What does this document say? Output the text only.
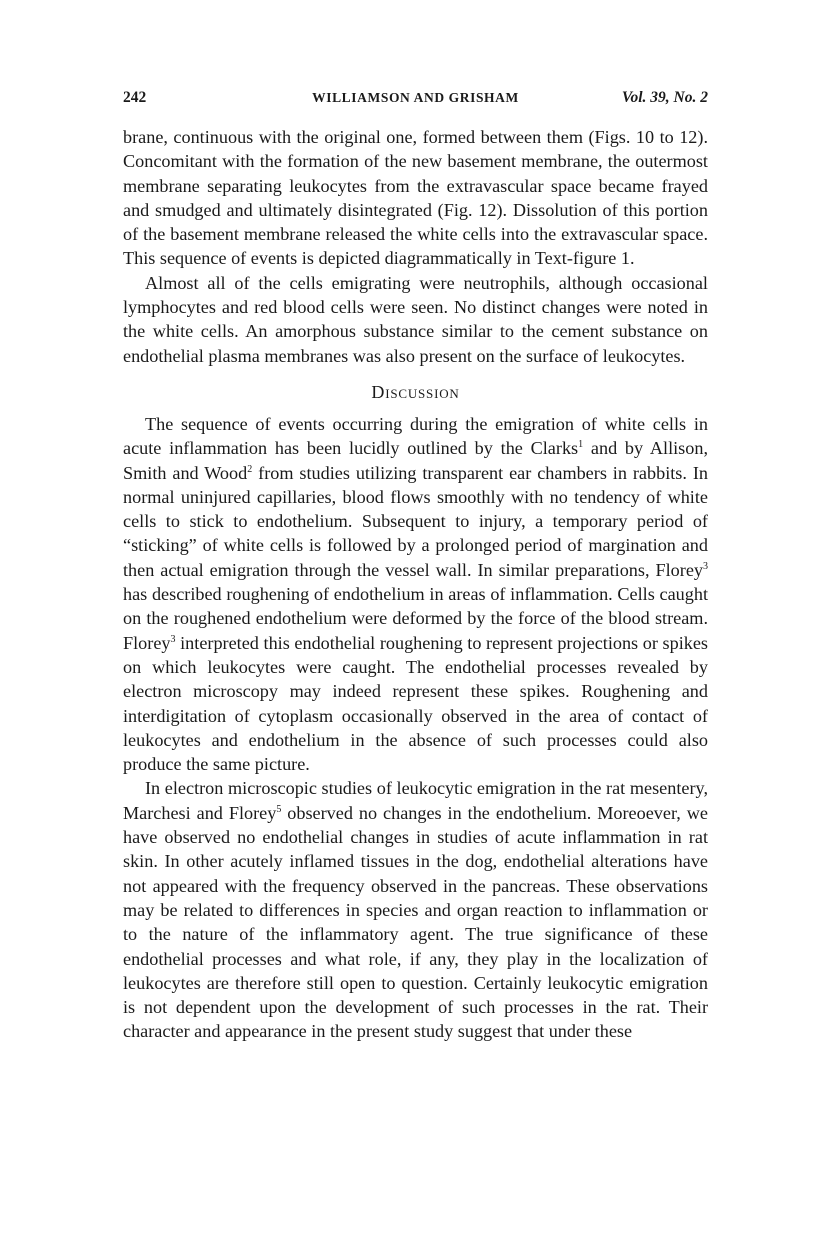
242	WILLIAMSON AND GRISHAM	Vol. 39, No. 2

brane, continuous with the original one, formed between them (Figs. 10 to 12). Concomitant with the formation of the new basement membrane, the outermost membrane separating leukocytes from the extravascular space became frayed and smudged and ultimately disintegrated (Fig. 12). Dissolution of this portion of the basement membrane released the white cells into the extravascular space. This sequence of events is depicted diagrammatically in Text-figure 1.

Almost all of the cells emigrating were neutrophils, although occasional lymphocytes and red blood cells were seen. No distinct changes were noted in the white cells. An amorphous substance similar to the cement substance on endothelial plasma membranes was also present on the surface of leukocytes.

Discussion

The sequence of events occurring during the emigration of white cells in acute inflammation has been lucidly outlined by the Clarks$^1$ and by Allison, Smith and Wood$^2$ from studies utilizing transparent ear chambers in rabbits. In normal uninjured capillaries, blood flows smoothly with no tendency of white cells to stick to endothelium. Subsequent to injury, a temporary period of “sticking” of white cells is followed by a prolonged period of margination and then actual emigration through the vessel wall. In similar preparations, Florey$^3$ has described roughening of endothelium in areas of inflammation. Cells caught on the roughened endothelium were deformed by the force of the blood stream. Florey$^3$ interpreted this endothelial roughening to represent projections or spikes on which leukocytes were caught. The endothelial processes revealed by electron microscopy may indeed represent these spikes. Roughening and interdigitation of cytoplasm occasionally observed in the area of contact of leukocytes and endothelium in the absence of such processes could also produce the same picture.

In electron microscopic studies of leukocytic emigration in the rat mesentery, Marchesi and Florey$^5$ observed no changes in the endothelium. Moreoever, we have observed no endothelial changes in studies of acute inflammation in rat skin. In other acutely inflamed tissues in the dog, endothelial alterations have not appeared with the frequency observed in the pancreas. These observations may be related to differences in species and organ reaction to inflammation or to the nature of the inflammatory agent. The true significance of these endothelial processes and what role, if any, they play in the localization of leukocytes are therefore still open to question. Certainly leukocytic emigration is not dependent upon the development of such processes in the rat. Their character and appearance in the present study suggest that under these
